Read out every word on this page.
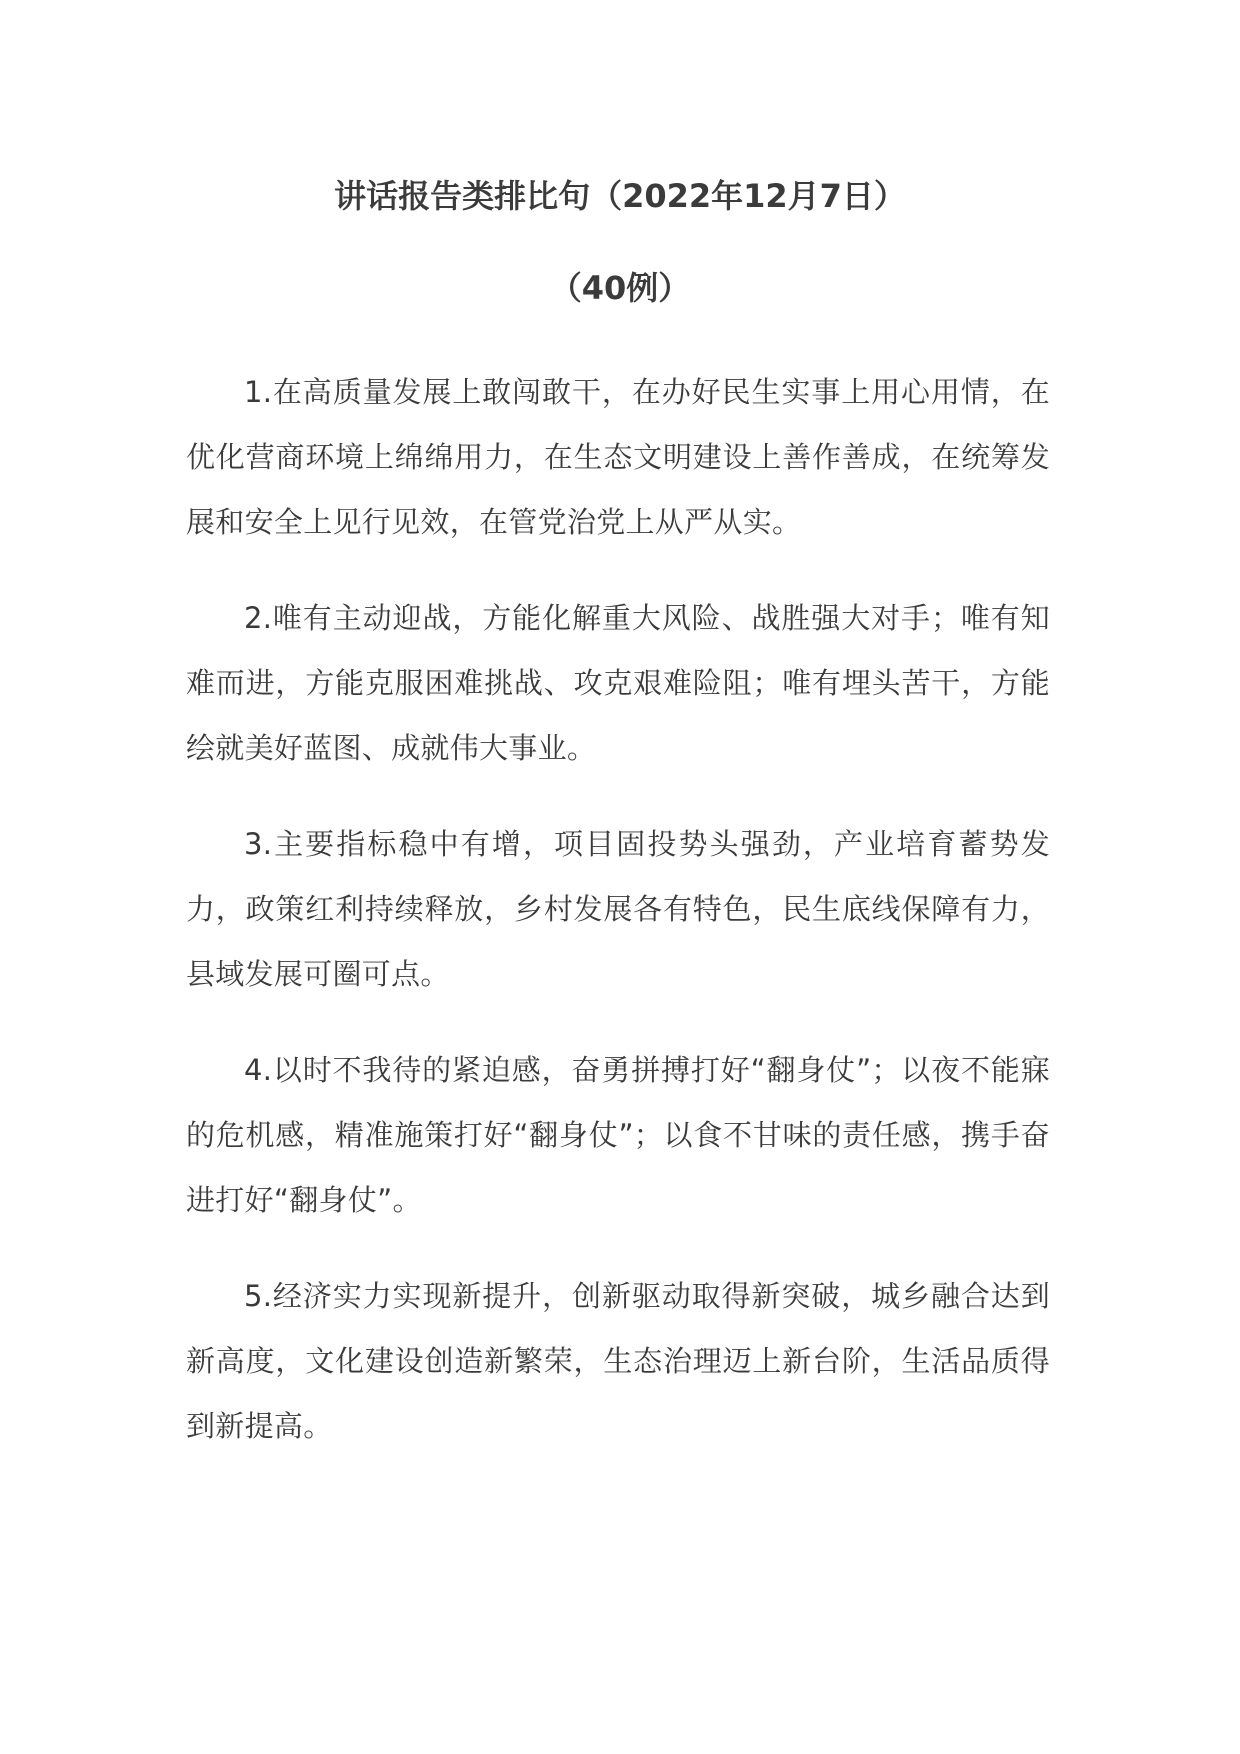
讲话报告类排比句（2022年12月7日）
（40例）

1.在高质量发展上敢闯敢干，在办好民生实事上用心用情，在优化营商环境上绵绵用力，在生态文明建设上善作善成，在统筹发展和安全上见行见效，在管党治党上从严从实。

2.唯有主动迎战，方能化解重大风险、战胜强大对手；唯有知难而进，方能克服困难挑战、攻克艰难险阻；唯有埋头苦干，方能绘就美好蓝图、成就伟大事业。

3.主要指标稳中有增，项目固投势头强劲，产业培育蓄势发力，政策红利持续释放，乡村发展各有特色，民生底线保障有力，县域发展可圈可点。

4.以时不我待的紧迫感，奋勇拼搏打好“翻身仗”；以夜不能寐的危机感，精准施策打好“翻身仗”；以食不甘味的责任感，携手奋进打好“翻身仗”。

5.经济实力实现新提升，创新驱动取得新突破，城乡融合达到新高度，文化建设创造新繁荣，生态治理迈上新台阶，生活品质得到新提高。
